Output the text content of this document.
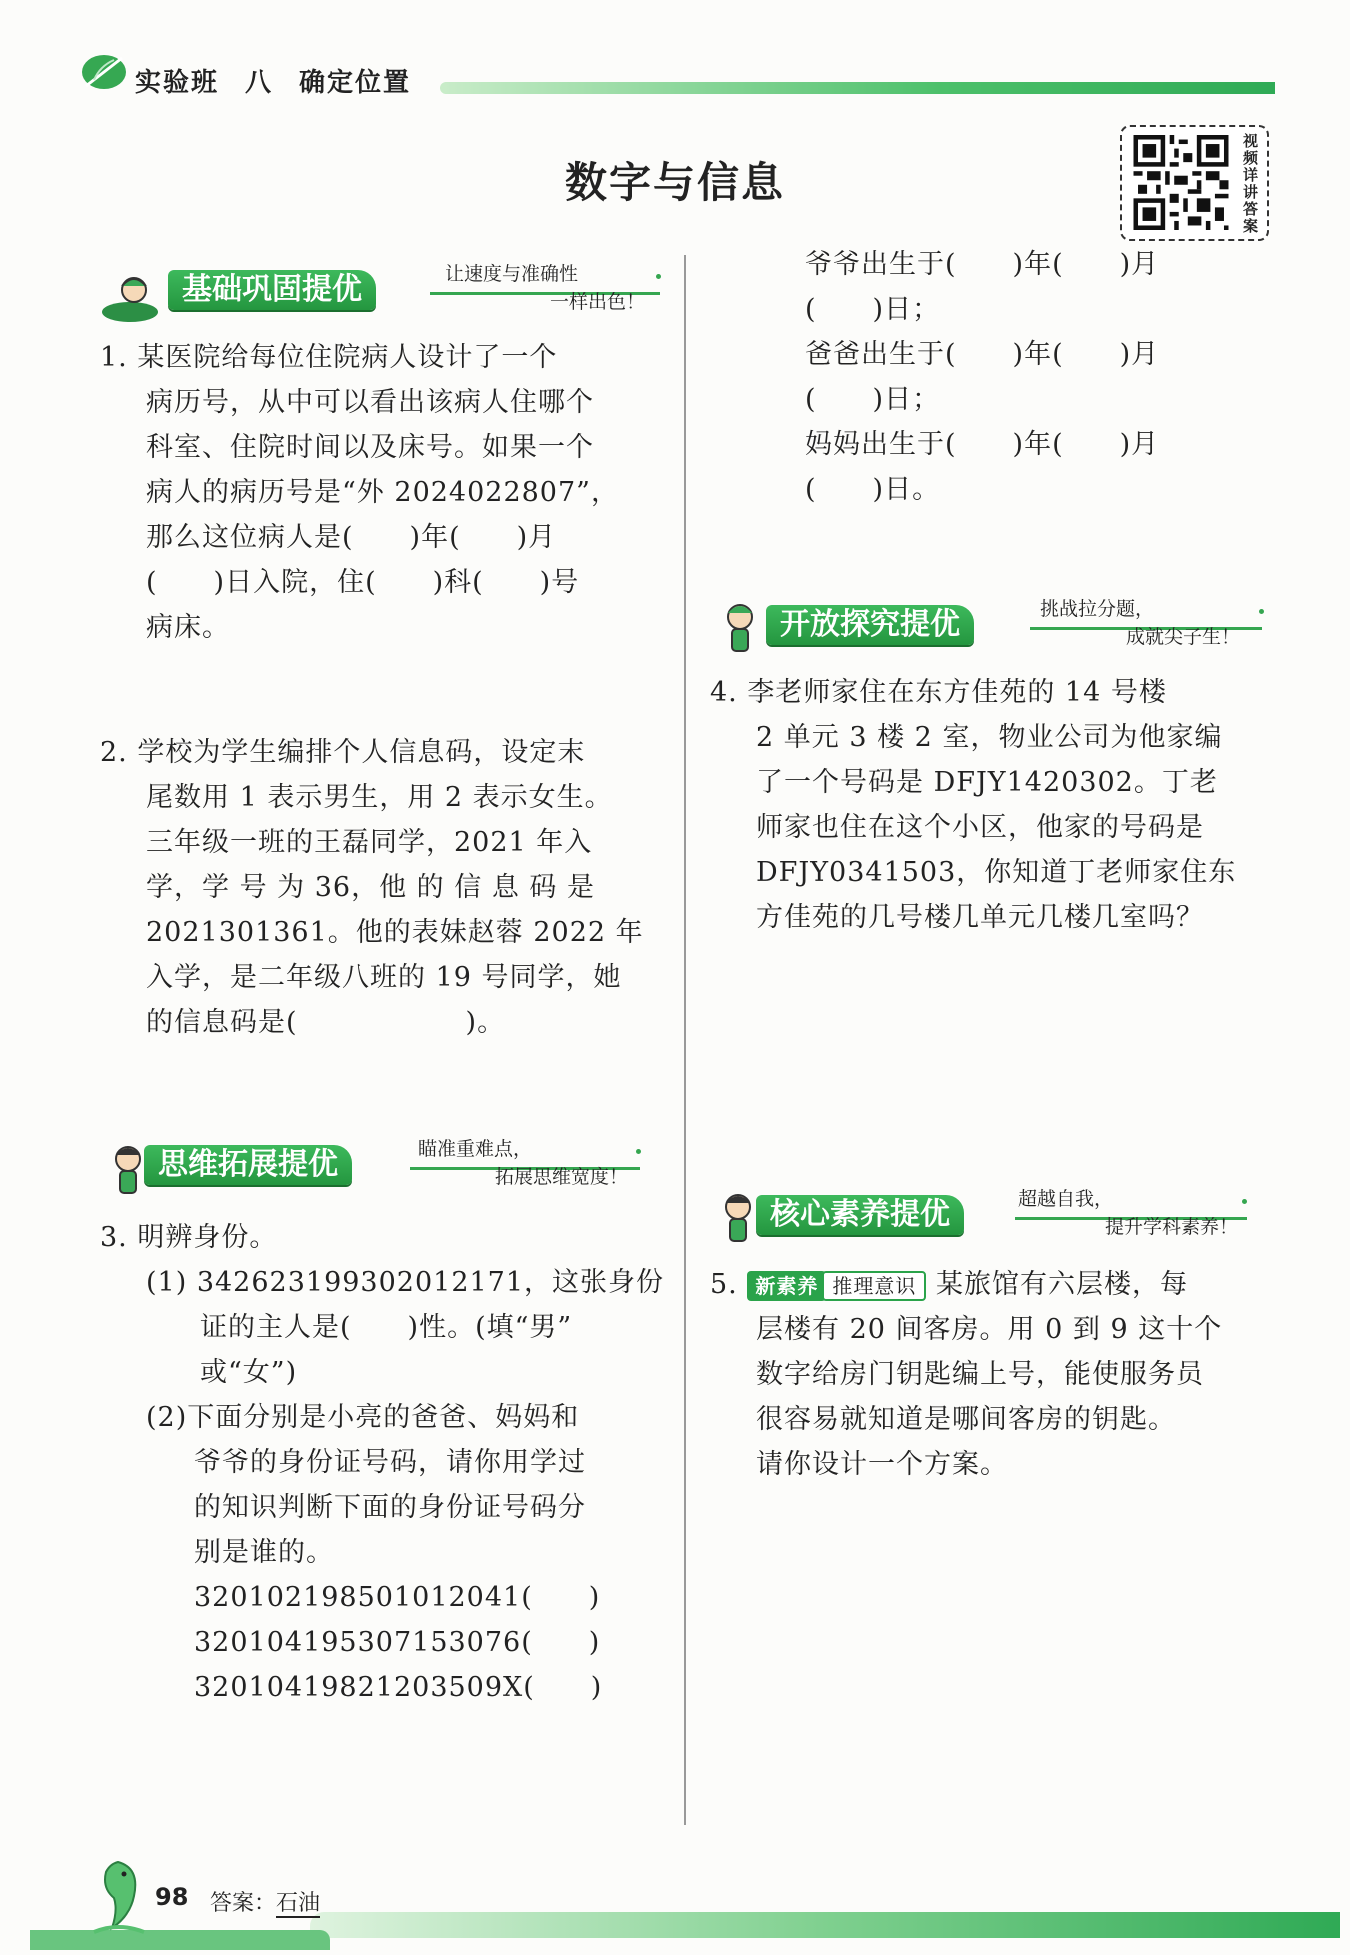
实验班 八 确定位置
数字与信息
视频详讲答案
基础巩固提优	让速度与准确性
一样出色！
1. 某医院给每位住院病人设计了一个
病历号，从中可以看出该病人住哪个
科室、住院时间以及床号。如果一个
病人的病历号是“外 2024022807”，
那么这位病人是(　　)年(　　)月
(　　)日入院，住(　　)科(　　)号
病床。
2. 学校为学生编排个人信息码，设定末
尾数用 1 表示男生，用 2 表示女生。
三年级一班的王磊同学，2021 年入
学，学 号 为 36，他 的 信 息 码 是
2021301361。他的表妹赵蓉 2022 年
入学，是二年级八班的 19 号同学，她
的信息码是(　　　　　　)。
思维拓展提优	瞄准重难点，
拓展思维宽度！
3. 明辨身份。
(1) 342623199302012171，这张身份
证的主人是(　　)性。(填“男”
或“女”)
(2)下面分别是小亮的爸爸、妈妈和
爷爷的身份证号码，请你用学过
的知识判断下面的身份证号码分
别是谁的。
320102198501012041(　　)
320104195307153076(　　)
32010419821203509X(　　)
爷爷出生于(　　)年(　　)月
(　　)日；
爸爸出生于(　　)年(　　)月
(　　)日；
妈妈出生于(　　)年(　　)月
(　　)日。
开放探究提优	挑战拉分题，
成就尖子生！
4. 李老师家住在东方佳苑的 14 号楼
2 单元 3 楼 2 室，物业公司为他家编
了一个号码是 DFJY1420302。丁老
师家也住在这个小区，他家的号码是
DFJY0341503，你知道丁老师家住东
方佳苑的几号楼几单元几楼几室吗？
核心素养提优	超越自我，
提升学科素养！
5. 新素养 推理意识 某旅馆有六层楼，每
层楼有 20 间客房。用 0 到 9 这十个
数字给房门钥匙编上号，能使服务员
很容易就知道是哪间客房的钥匙。
请你设计一个方案。
98 答案：石油
